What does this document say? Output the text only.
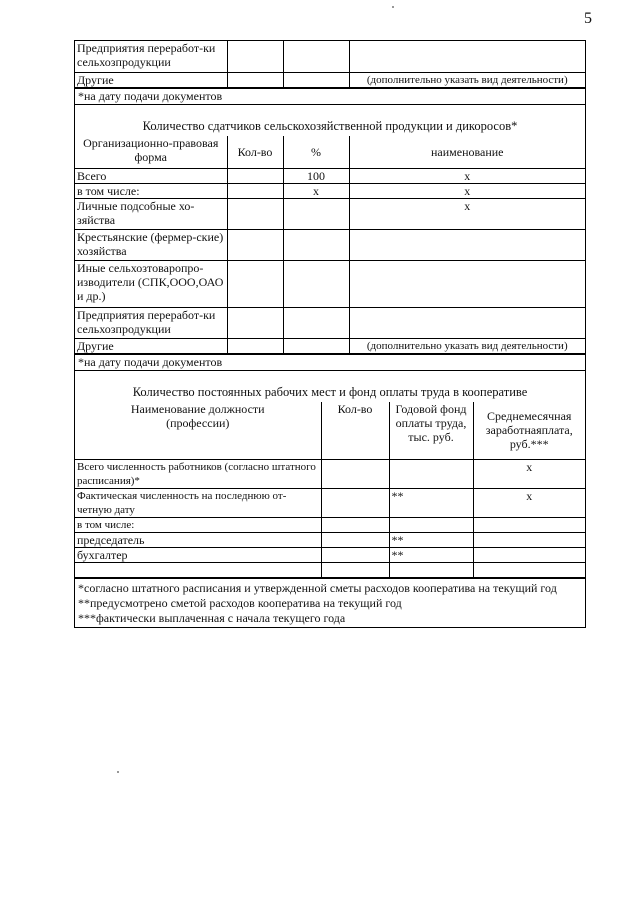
5
Предприятия переработ-ки сельхозпродукции			
Другие			(дополнительно указать вид деятельности)
*на дату подачи документов
Количество сдатчиков сельскохозяйственной продукции и дикоросов*
Организационно-правовая форма	Кол-во	%	наименование
Всего		100	x
в том числе:		x	x
Личные подсобные хо-зяйства			x
Крестьянские (фермер-ские) хозяйства			
Иные сельхозтоваропро-изводители (СПК,ООО,ОАО и др.)			
Предприятия переработ-ки сельхозпродукции			
Другие			(дополнительно указать вид деятельности)
*на дату подачи документов
Количество постоянных рабочих мест и фонд оплаты труда в кооперативе
Наименование должности (профессии)	Кол-во	Годовой фонд оплаты труда, тыс. руб.	Среднемесячная заработнаяплата, руб.***
Всего численность работников (согласно штатного расписания)*			x
Фактическая численность на последнюю от-четную дату		**	x
в том числе:			
председатель		**	
бухгалтер		**	

*согласно штатного расписания и утвержденной сметы расходов кооператива на текущий год
**предусмотрено сметой расходов кооператива на текущий год
***фактически выплаченная с начала текущего года
